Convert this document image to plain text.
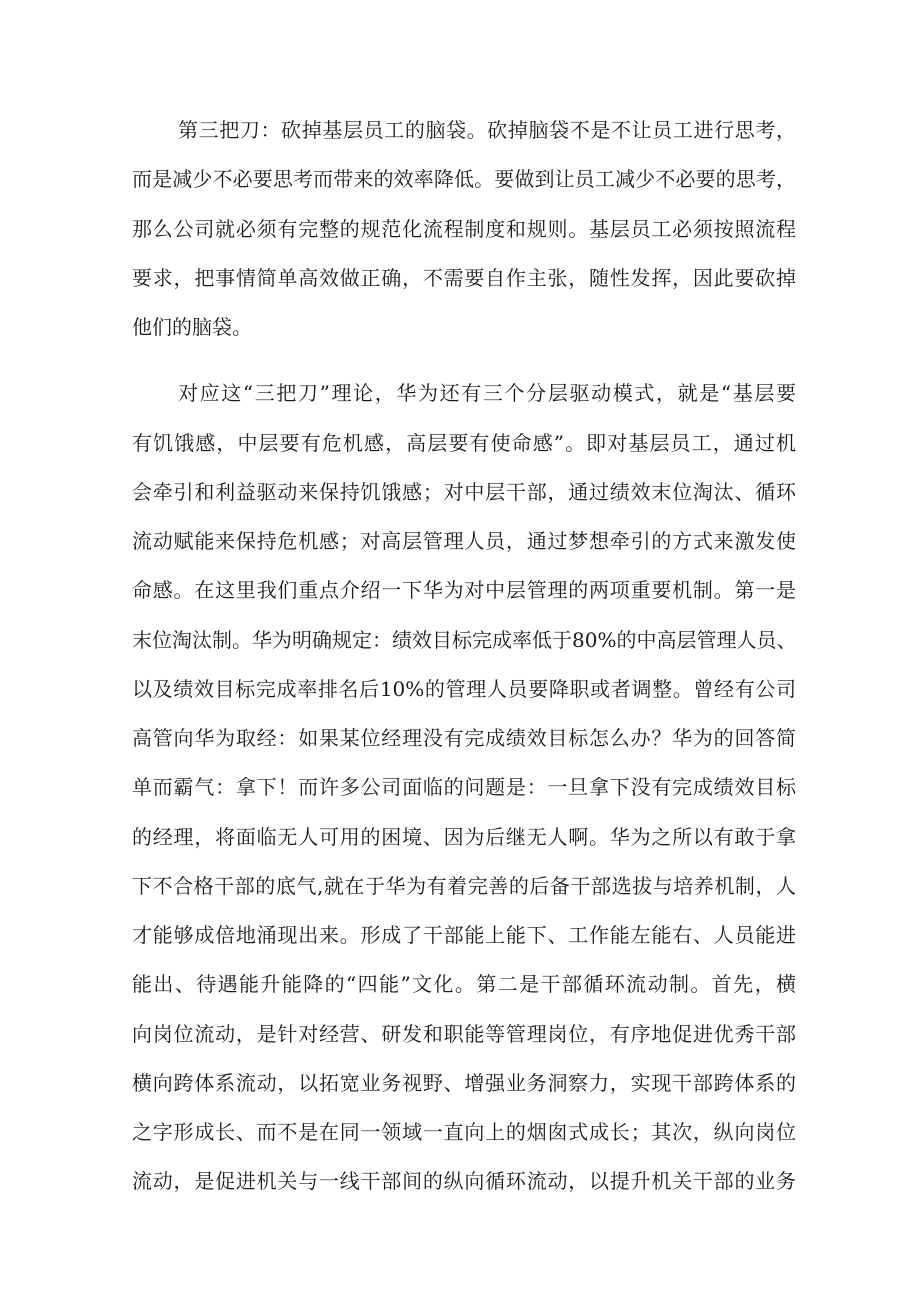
第三把刀：砍掉基层员工的脑袋。砍掉脑袋不是不让员工进行思考，

而是减少不必要思考而带来的效率降低。要做到让员工减少不必要的思考，

那么公司就必须有完整的规范化流程制度和规则。基层员工必须按照流程

要求，把事情简单高效做正确，不需要自作主张，随性发挥，因此要砍掉

他们的脑袋。

对应这“三把刀”理论，华为还有三个分层驱动模式，就是“基层要

有饥饿感，中层要有危机感，高层要有使命感”。即对基层员工，通过机

会牵引和利益驱动来保持饥饿感；对中层干部，通过绩效末位淘汰、循环

流动赋能来保持危机感；对高层管理人员，通过梦想牵引的方式来激发使

命感。在这里我们重点介绍一下华为对中层管理的两项重要机制。第一是

末位淘汰制。华为明确规定：绩效目标完成率低于80%的中高层管理人员、

以及绩效目标完成率排名后10%的管理人员要降职或者调整。曾经有公司

高管向华为取经：如果某位经理没有完成绩效目标怎么办？华为的回答简

单而霸气：拿下！而许多公司面临的问题是：一旦拿下没有完成绩效目标

的经理，将面临无人可用的困境、因为后继无人啊。华为之所以有敢于拿

下不合格干部的底气,就在于华为有着完善的后备干部选拔与培养机制，人

才能够成倍地涌现出来。形成了干部能上能下、工作能左能右、人员能进

能出、待遇能升能降的“四能”文化。第二是干部循环流动制。首先，横

向岗位流动，是针对经营、研发和职能等管理岗位，有序地促进优秀干部

横向跨体系流动，以拓宽业务视野、增强业务洞察力，实现干部跨体系的

之字形成长、而不是在同一领域一直向上的烟囱式成长；其次，纵向岗位

流动，是促进机关与一线干部间的纵向循环流动，以提升机关干部的业务
